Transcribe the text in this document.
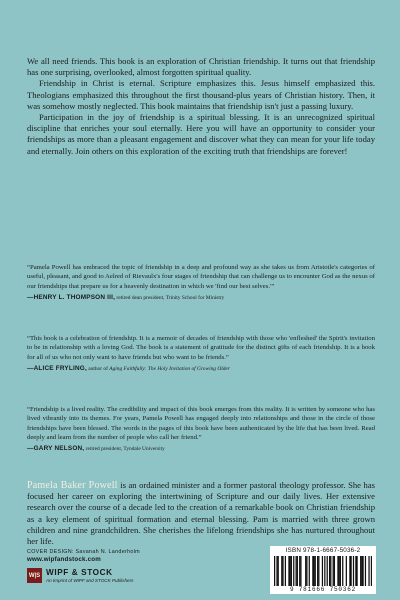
We all need friends. This book is an exploration of Christian friendship. It turns out that friendship has one surprising, overlooked, almost forgotten spiritual quality.

Friendship in Christ is eternal. Scripture emphasizes this. Jesus himself emphasized this. Theologians emphasized this throughout the first thousand-plus years of Christian history. Then, it was somehow mostly neglected. This book maintains that friendship isn't just a passing luxury.

Participation in the joy of friendship is a spiritual blessing. It is an unrecognized spiritual discipline that enriches your soul eternally. Here you will have an opportunity to consider your friendships as more than a pleasant engagement and discover what they can mean for your life today and eternally. Join others on this exploration of the exciting truth that friendships are forever!

“Pamela Powell has embraced the topic of friendship in a deep and profound way as she takes us from Aristotle's categories of useful, pleasant, and good to Aelred of Rievaulx's four stages of friendship that can challenge us to encounter God as the nexus of our friendships that prepare us for a heavenly destination in which we 'find our best selves.'”

—HENRY L. THOMPSON III, retired dean president, Trinity School for Ministry

“This book is a celebration of friendship. It is a memoir of decades of friendship with those who 'enfleshed' the Spirit's invitation to be in relationship with a loving God. The book is a statement of gratitude for the distinct gifts of each friendship. It is a book for all of us who not only want to have friends but who want to be friends.”

—ALICE FRYLING, author of Aging Faithfully: The Holy Invitation of Growing Older

“Friendship is a lived reality. The credibility and impact of this book emerges from this reality. It is written by someone who has lived vibrantly into its themes. For years, Pamela Powell has engaged deeply into relationships and those in the circle of those friendships have been blessed. The words in the pages of this book have been authenticated by the life that has been lived. Read deeply and learn from the number of people who call her friend.”

—GARY NELSON, retired president, Tyndale University

Pamela Baker Powell is an ordained minister and a former pastoral theology professor. She has focused her career on exploring the intertwining of Scripture and our daily lives. Her extensive research over the course of a decade led to the creation of a remarkable book on Christian friendship as a key element of spiritual formation and eternal blessing. Pam is married with three grown children and nine grandchildren. She cherishes the lifelong friendships she has nurtured throughout her life.
COVER DESIGN: Savanah N. Landerholm
www.wipfandstock.com
W|S WIPF & STOCK
An Imprint of WIPF and STOCK Publishers
ISBN 978-1-6667-5036-2
9 781666 750362
